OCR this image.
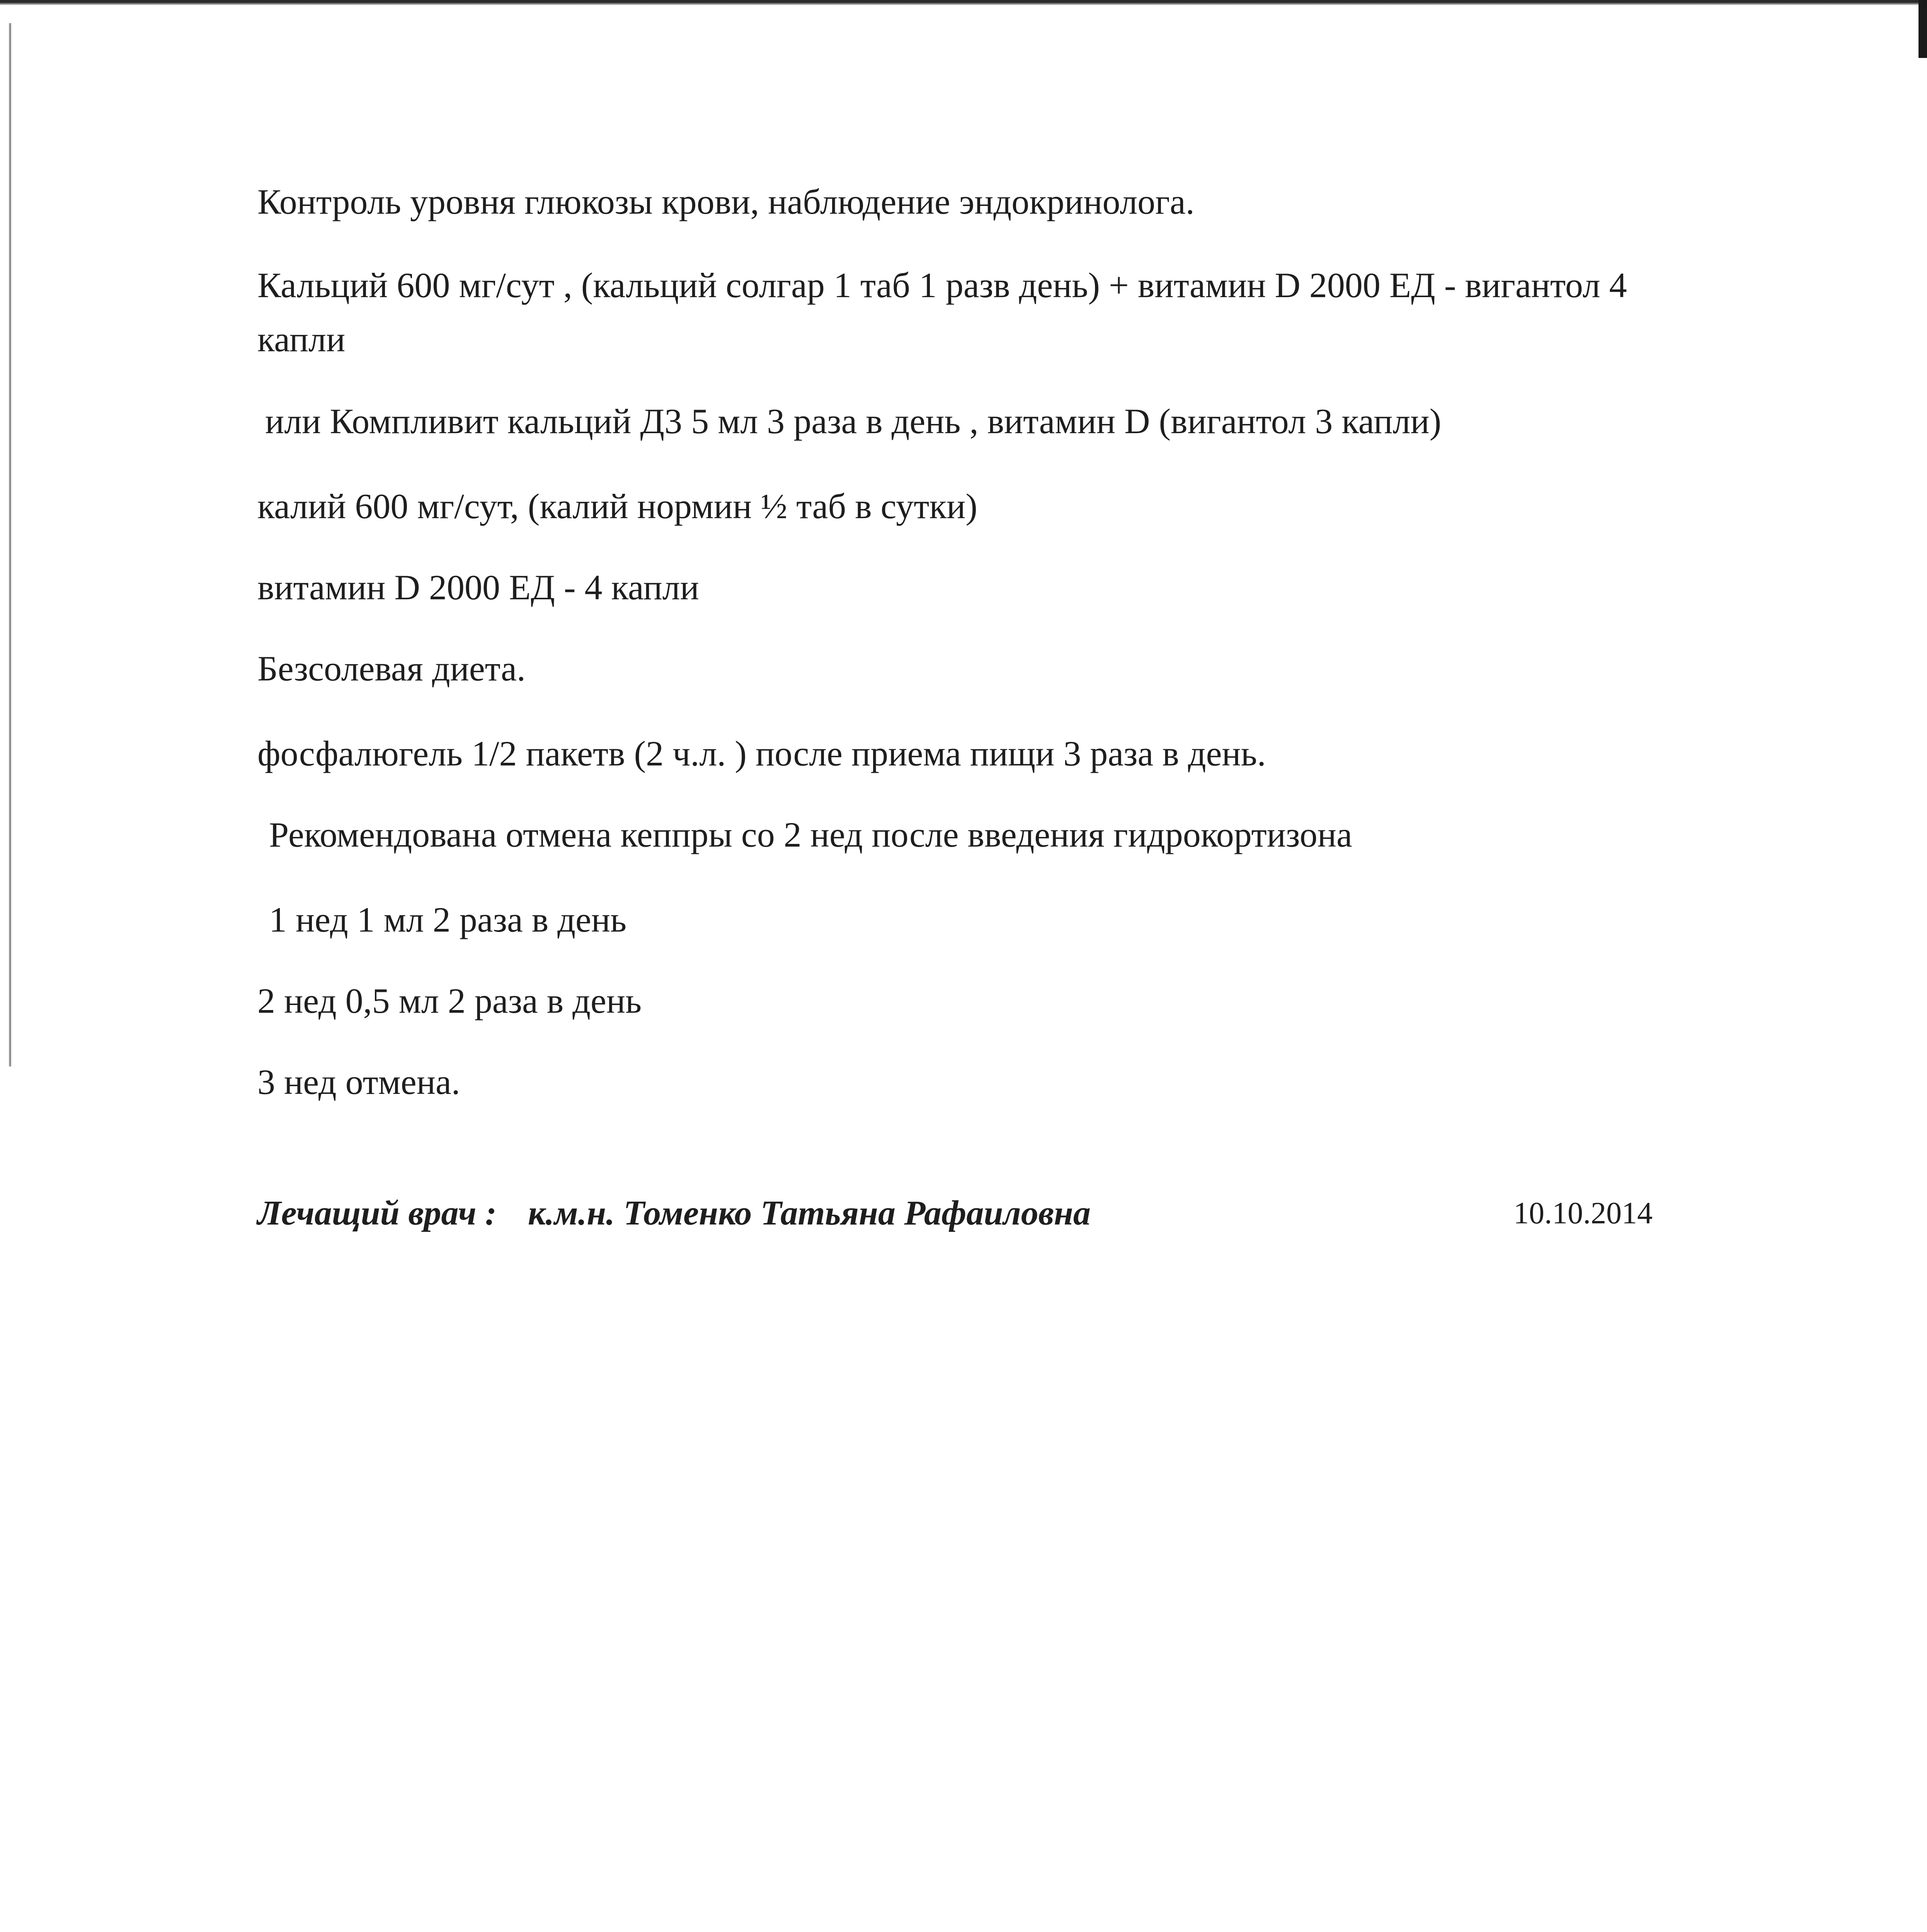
Контроль уровня глюкозы крови, наблюдение эндокринолога.

Кальций 600 мг/сут , (кальций солгар 1 таб 1 разв день) + витамин D 2000 ЕД - вигантол 4

капли

или Компливит кальций Д3 5 мл 3 раза в день , витамин D (вигантол 3 капли)

калий 600 мг/сут, (калий нормин ½ таб в сутки)

витамин D 2000 ЕД - 4 капли

Безсолевая диета.

фосфалюгель 1/2 пакетв (2 ч.л. ) после приема пищи 3 раза в день.

Рекомендована отмена кеппры со 2 нед после введения гидрокортизона

1 нед 1 мл 2 раза в день

2 нед 0,5 мл 2 раза в день

3 нед отмена.

Лечащий врач : к.м.н. Томенко Татьяна Рафаиловна	10.10.2014
